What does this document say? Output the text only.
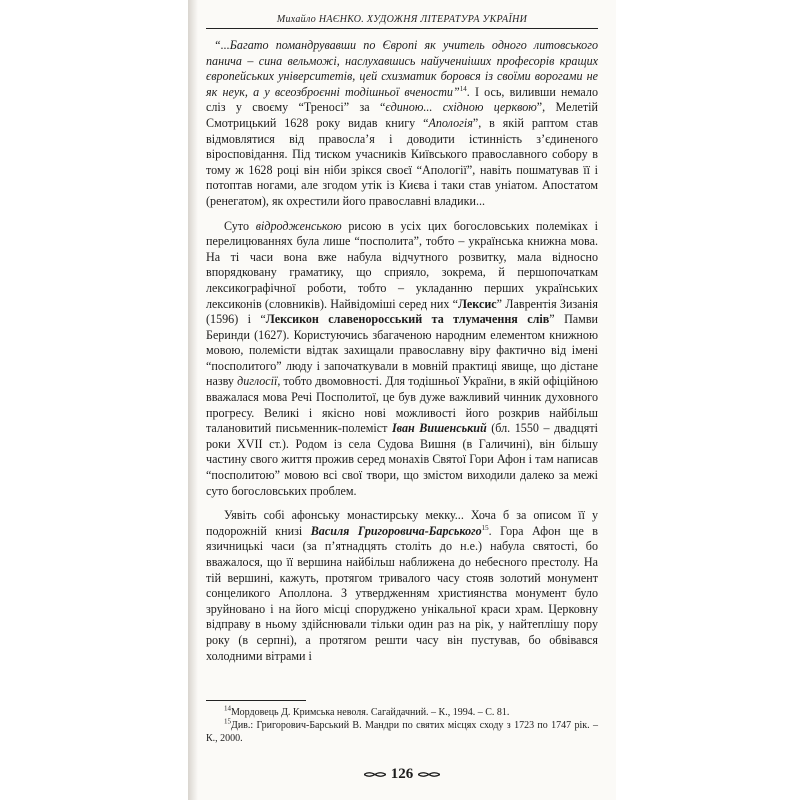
Михайло НАЄНКО. ХУДОЖНЯ ЛІТЕРАТУРА УКРАЇНИ

“...Багато помандрувавши по Європі як учитель одного литовського панича – сина вельможі, наслухавшись найучениіших професорів кращих європейських університетів, цей схизматик боровся із своїми ворогами не як неук, а у всеозброєнні тодішньої вчености”$^{14}$. І ось, виливши немало сліз у своєму “Треносі” за “єдиною... східною церквою”, Мелетій Смотрицький 1628 року видав книгу “Апологія”, в якій раптом став відмовлятися від правосла’я і доводити істинність з’єдиненого віросповідання. Під тиском учасників Київського православного собору в тому ж 1628 році він ніби зрікся своєї “Апології”, навіть пошматував її і потоптав ногами, але згодом утік із Києва і таки став уніатом. Апостатом (ренегатом), як охрестили його православні владики...

Суто відродженською рисою в усіх цих богословських полеміках і перелицюваннях була лише “посполита”, тобто – українська книжна мова. На ті часи вона вже набула відчутного розвитку, мала відносно впорядковану граматику, що сприяло, зокрема, й першопочаткам лексикографічної роботи, тобто – укладанню перших українських лексиконів (словників). Найвідоміші серед них “Лексис” Лаврентія Зизанія (1596) і “Лексикон славеноросський та тлумачення слів” Памви Беринди (1627). Користуючись збагаченою народним елементом книжною мовою, полемісти відтак захищали православну віру фактично від імені “посполитого” люду і започаткували в мовній практиці явище, що дістане назву диглосії, тобто двомовності. Для тодішньої України, в якій офіційною вважалася мова Речі Посполитої, це був дуже важливий чинник духовного прогресу. Великі і якісно нові можливості його розкрив найбільш талановитий письменник-полеміст Іван Вишенський (бл. 1550 – двадцяті роки XVII ст.). Родом із села Судова Вишня (в Галичині), він більшу частину свого життя прожив серед монахів Святої Гори Афон і там написав “посполитою” мовою всі свої твори, що змістом виходили далеко за межі суто богословських проблем.

Уявіть собі афонську монастирську мекку... Хоча б за описом її у подорожній книзі Василя Григоровича-Барського$^{15}$. Гора Афон ще в язичницькі часи (за п’ятнадцять століть до н.е.) набула святості, бо вважалося, що її вершина найбільш наближена до небесного престолу. На тій вершині, кажуть, протягом тривалого часу стояв золотий монумент сонцеликого Аполлона. З утвердженням християнства монумент було зруйновано і на його місці споруджено унікальної краси храм. Церковну відправу в ньому здійснювали тільки один раз на рік, у найтеплішу пору року (в серпні), а протягом решти часу він пустував, бо обвівався холодними вітрами і

$^{14}$Мордовець Д. Кримська неволя. Сагайдачний. – К., 1994. – С. 81.

$^{15}$Див.: Григорович-Барський В. Мандри по святих місцях сходу з 1723 по 1747 рік. – К., 2000.

126
